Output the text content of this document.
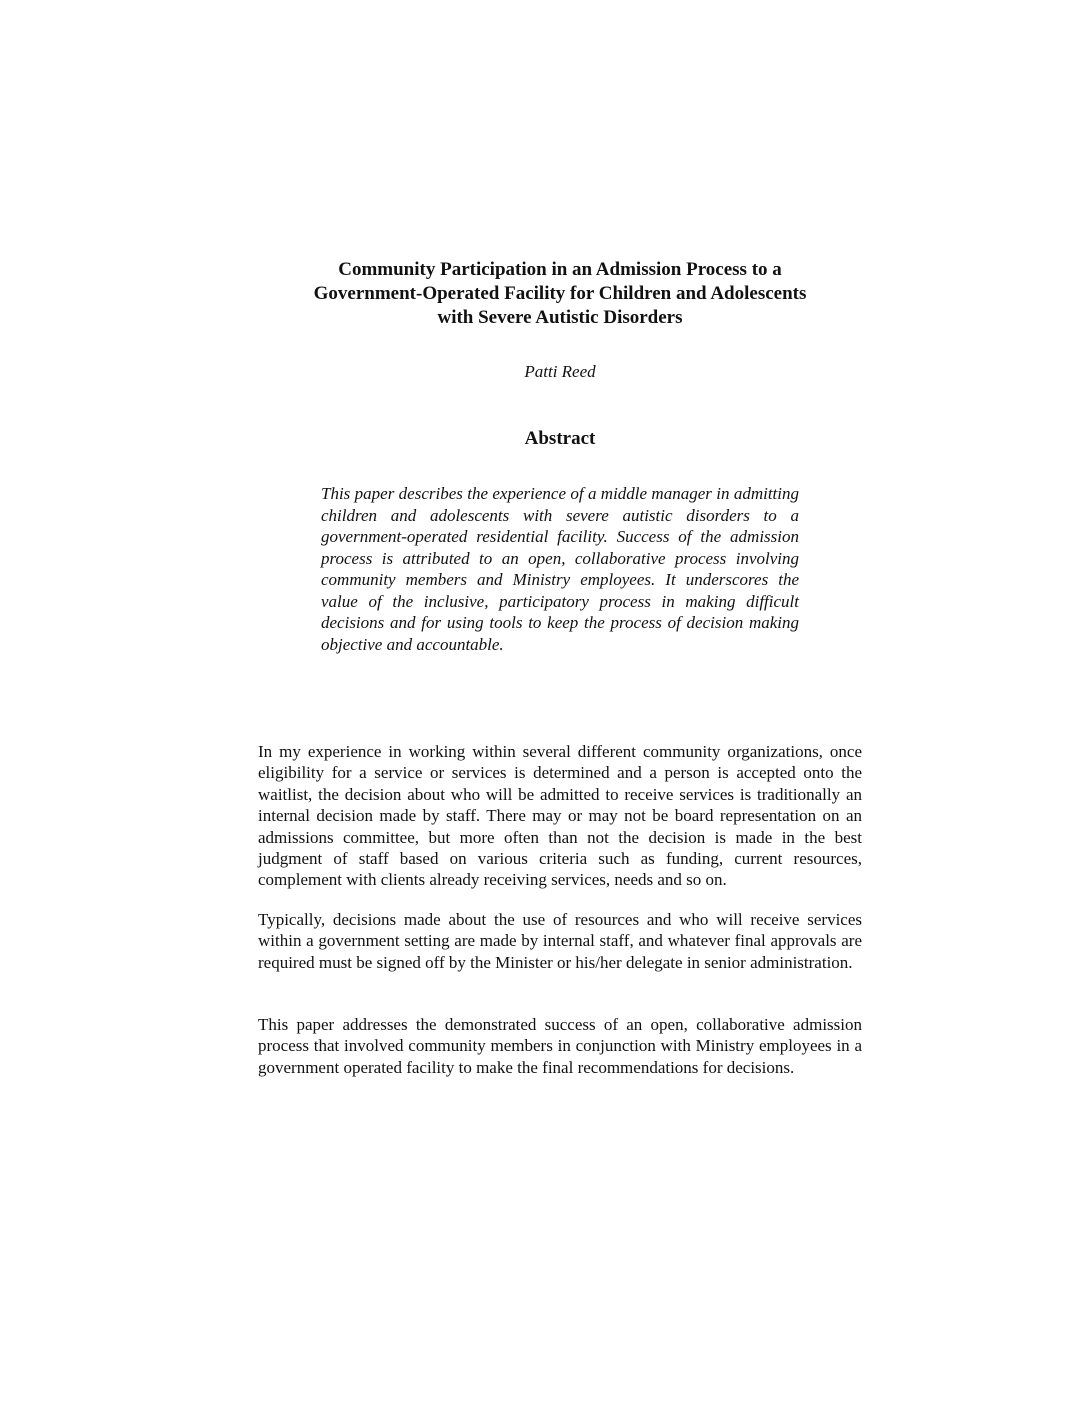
Community Participation in an Admission Process to a
Government-Operated Facility for Children and Adolescents
with Severe Autistic Disorders

Patti Reed

Abstract

This paper describes the experience of a middle manager in admitting children and adolescents with severe autistic disorders to a government-operated residential facility. Success of the admission process is attributed to an open, collaborative process involving community members and Ministry employees. It underscores the value of the inclusive, participatory process in making difficult decisions and for using tools to keep the process of decision making objective and accountable.

In my experience in working within several different community organizations, once eligibility for a service or services is determined and a person is accepted onto the waitlist, the decision about who will be admitted to receive services is traditionally an internal decision made by staff. There may or may not be board representation on an admissions committee, but more often than not the decision is made in the best judgment of staff based on various criteria such as funding, current resources, complement with clients already receiving services, needs and so on.

Typically, decisions made about the use of resources and who will receive services within a government setting are made by internal staff, and whatever final approvals are required must be signed off by the Minister or his/her delegate in senior administration.

This paper addresses the demonstrated success of an open, collaborative admission process that involved community members in conjunction with Ministry employees in a government operated facility to make the final recommendations for decisions.
